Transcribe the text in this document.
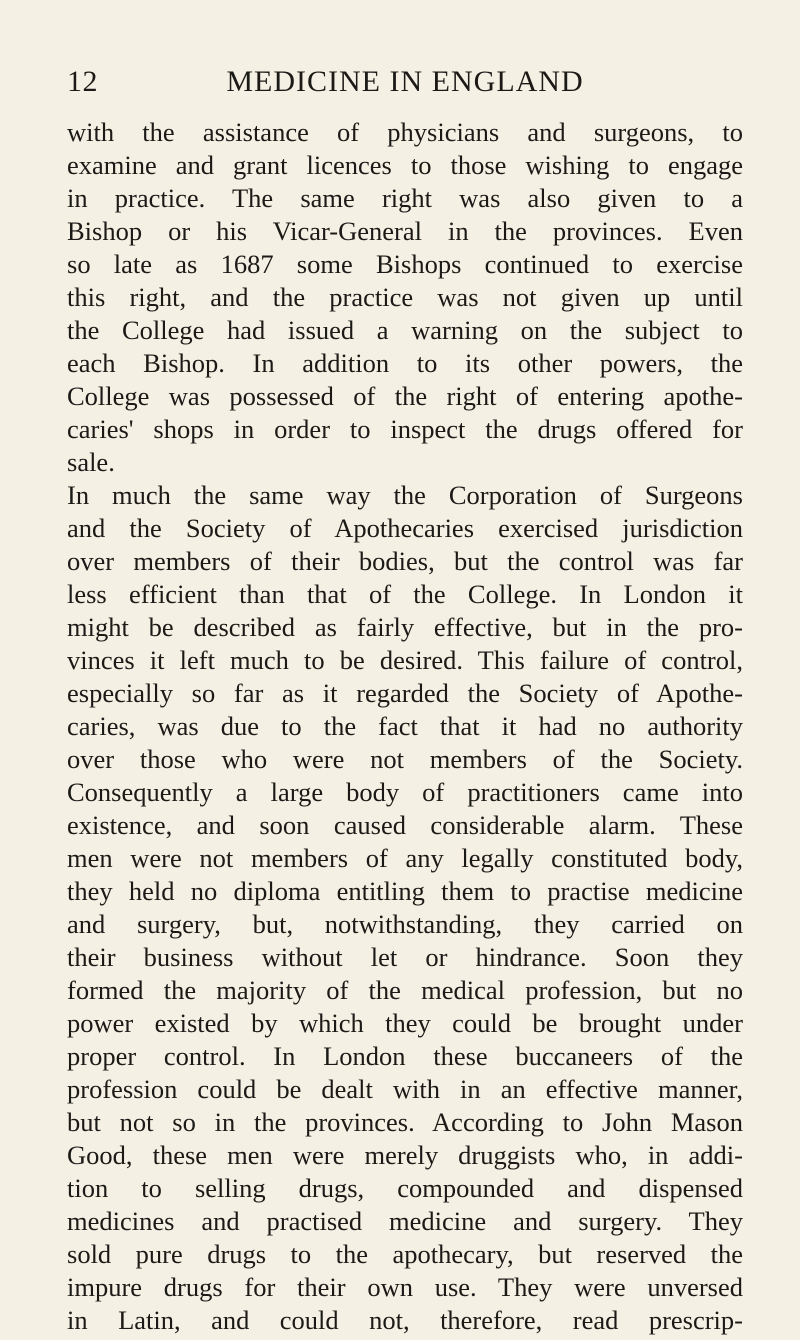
12	MEDICINE IN ENGLAND
with the assistance of physicians and surgeons, to
examine and grant licences to those wishing to engage
in practice. The same right was also given to a
Bishop or his Vicar-General in the provinces. Even
so late as 1687 some Bishops continued to exercise
this right, and the practice was not given up until
the College had issued a warning on the subject to
each Bishop. In addition to its other powers, the
College was possessed of the right of entering apothe-
caries' shops in order to inspect the drugs offered for
sale.
In much the same way the Corporation of Surgeons
and the Society of Apothecaries exercised jurisdiction
over members of their bodies, but the control was far
less efficient than that of the College. In London it
might be described as fairly effective, but in the pro-
vinces it left much to be desired. This failure of control,
especially so far as it regarded the Society of Apothe-
caries, was due to the fact that it had no authority
over those who were not members of the Society.
Consequently a large body of practitioners came into
existence, and soon caused considerable alarm. These
men were not members of any legally constituted body,
they held no diploma entitling them to practise medicine
and surgery, but, notwithstanding, they carried on
their business without let or hindrance. Soon they
formed the majority of the medical profession, but no
power existed by which they could be brought under
proper control. In London these buccaneers of the
profession could be dealt with in an effective manner,
but not so in the provinces. According to John Mason
Good, these men were merely druggists who, in addi-
tion to selling drugs, compounded and dispensed
medicines and practised medicine and surgery. They
sold pure drugs to the apothecary, but reserved the
impure drugs for their own use. They were unversed
in Latin, and could not, therefore, read prescrip-
